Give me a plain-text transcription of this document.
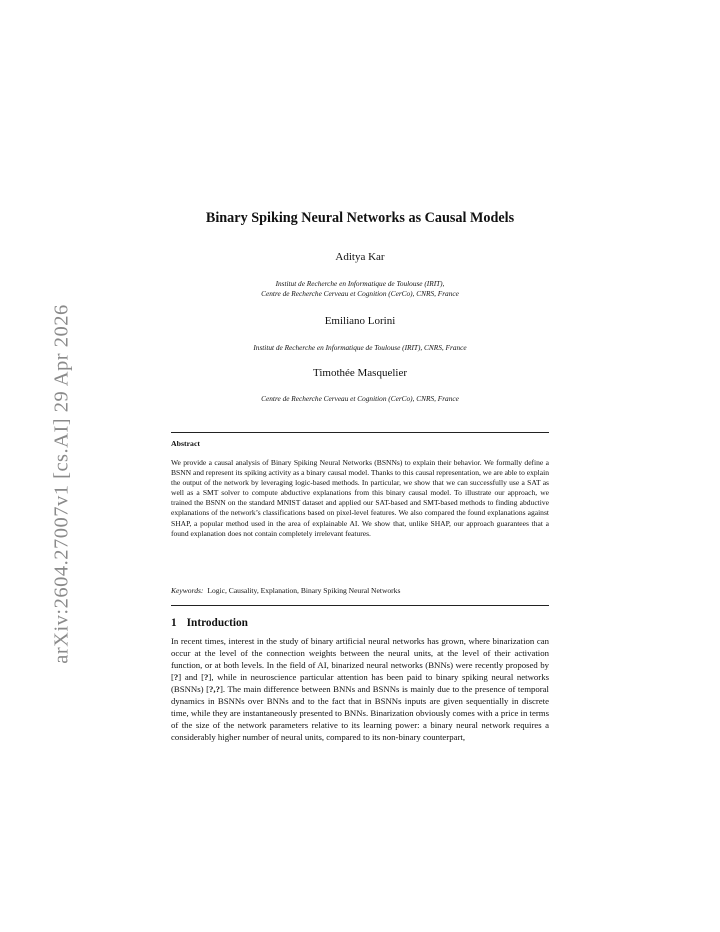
arXiv:2604.27007v1 [cs.AI] 29 Apr 2026
Binary Spiking Neural Networks as Causal Models
Aditya Kar
Institut de Recherche en Informatique de Toulouse (IRIT),
Centre de Recherche Cerveau et Cognition (CerCo), CNRS, France
Emiliano Lorini
Institut de Recherche en Informatique de Toulouse (IRIT), CNRS, France
Timothée Masquelier
Centre de Recherche Cerveau et Cognition (CerCo), CNRS, France
Abstract

We provide a causal analysis of Binary Spiking Neural Networks (BSNNs) to explain their behavior. We formally define a BSNN and represent its spiking activity as a binary causal model. Thanks to this causal representation, we are able to explain the output of the network by leveraging logic-based methods. In particular, we show that we can successfully use a SAT as well as a SMT solver to compute abductive explanations from this binary causal model. To illustrate our approach, we trained the BSNN on the standard MNIST dataset and applied our SAT-based and SMT-based methods to finding abductive explanations of the network’s classifications based on pixel-level features. We also compared the found explanations against SHAP, a popular method used in the area of explainable AI. We show that, unlike SHAP, our approach guarantees that a found explanation does not contain completely irrelevant features.

Keywords: Logic, Causality, Explanation, Binary Spiking Neural Networks
1 Introduction

In recent times, interest in the study of binary artificial neural networks has grown, where binarization can occur at the level of the connection weights between the neural units, at the level of their activation function, or at both levels. In the field of AI, binarized neural networks (BNNs) were recently proposed by [?] and [?], while in neuroscience particular attention has been paid to binary spiking neural networks (BSNNs) [?,?]. The main difference between BNNs and BSNNs is mainly due to the presence of temporal dynamics in BSNNs over BNNs and to the fact that in BSNNs inputs are given sequentially in discrete time, while they are instantaneously presented to BNNs. Binarization obviously comes with a price in terms of the size of the network parameters relative to its learning power: a binary neural network requires a considerably higher number of neural units, compared to its non-binary counterpart,
